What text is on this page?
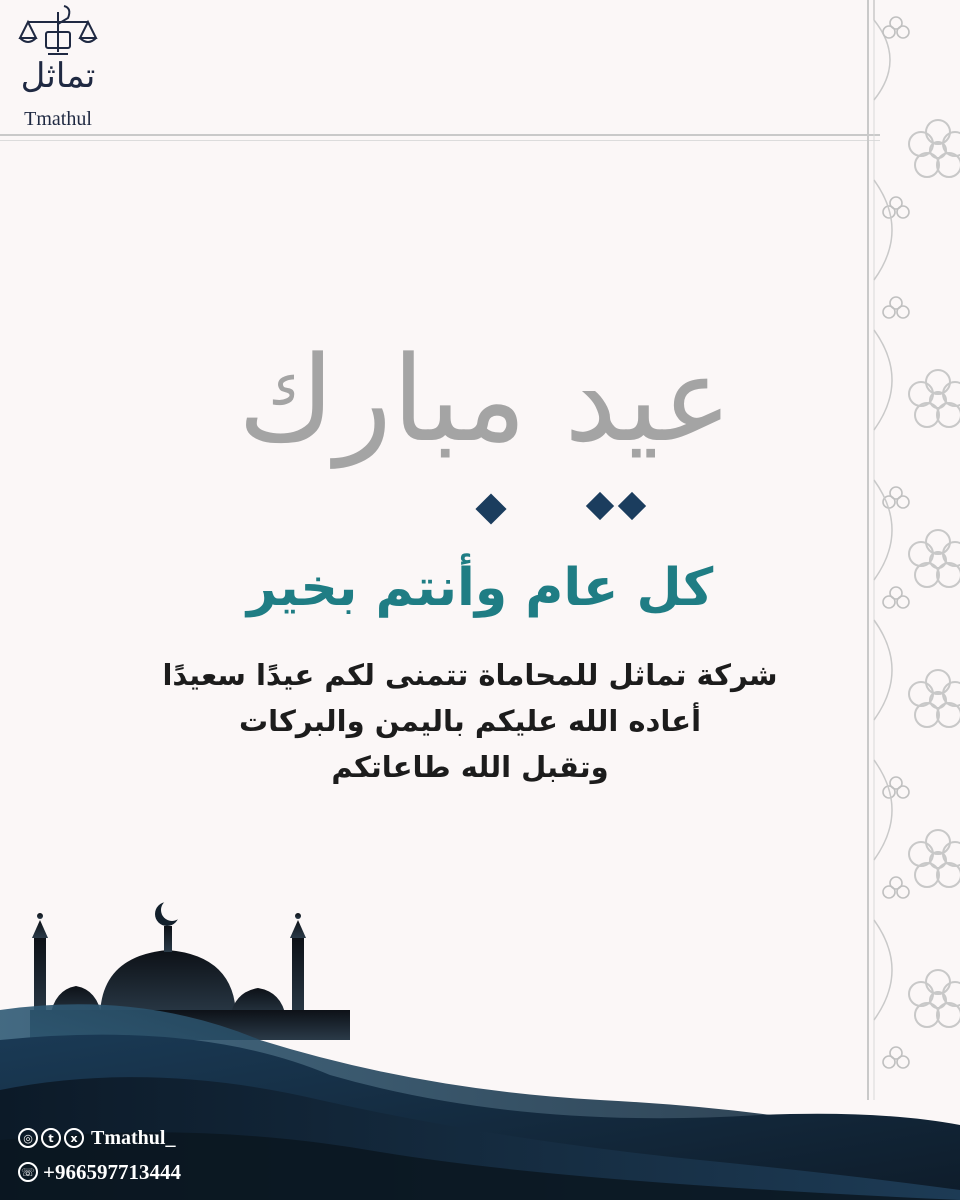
تماثل
Tmathul
عيد مبارك
كل عام وأنتم بخير
شركة تماثل للمحاماة تتمنى لكم عيدًا سعيدًا
أعاده الله عليكم باليمن والبركات
وتقبل الله طاعاتكم
◎	t	x Tmathul_
☏ +966597713444
